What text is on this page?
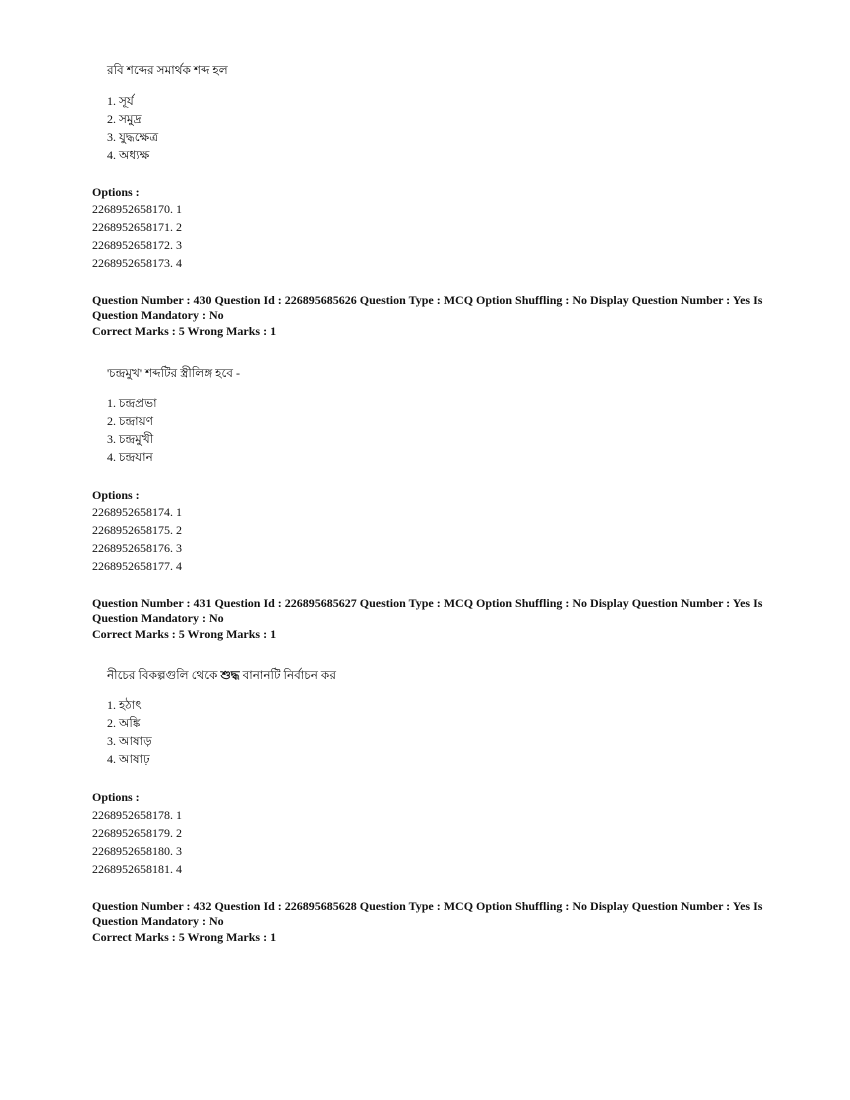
রবি শব্দের সমার্থক শব্দ হল
1. সূর্য
2. সমুদ্র
3. যুদ্ধক্ষেত্র
4. অধ্যক্ষ
Options :
2268952658170. 1
2268952658171. 2
2268952658172. 3
2268952658173. 4
Question Number : 430 Question Id : 226895685626 Question Type : MCQ Option Shuffling : No Display Question Number : Yes Is
Question Mandatory : No
Correct Marks : 5 Wrong Marks : 1
'চন্দ্রমুখ' শব্দটির স্ত্রীলিঙ্গ হবে -
1. চন্দ্রপ্রভা
2. চন্দ্রায়ণ
3. চন্দ্রমুখী
4. চন্দ্রযান
Options :
2268952658174. 1
2268952658175. 2
2268952658176. 3
2268952658177. 4
Question Number : 431 Question Id : 226895685627 Question Type : MCQ Option Shuffling : No Display Question Number : Yes Is
Question Mandatory : No
Correct Marks : 5 Wrong Marks : 1
নীচের বিকল্পগুলি থেকে শুদ্ধ বানানটি নির্বাচন কর
1. হঠাৎ
2. অঙ্কি
3. আষাড়
4. আষাঢ়
Options :
2268952658178. 1
2268952658179. 2
2268952658180. 3
2268952658181. 4
Question Number : 432 Question Id : 226895685628 Question Type : MCQ Option Shuffling : No Display Question Number : Yes Is
Question Mandatory : No
Correct Marks : 5 Wrong Marks : 1
